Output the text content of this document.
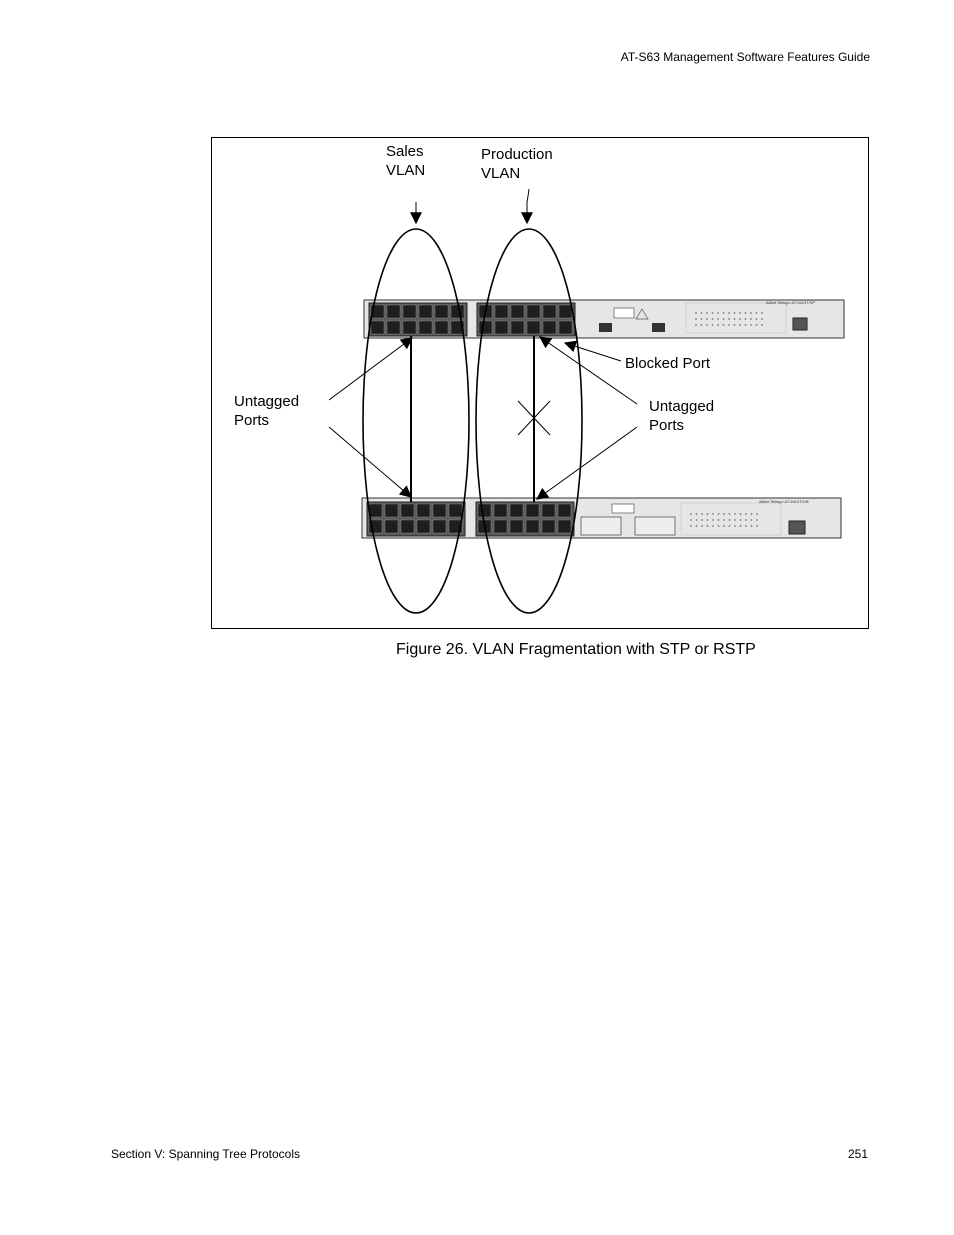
AT-S63 Management Software Features Guide
Allied Telesyn AT-9424T/SP
Allied Telesyn AT-9424T/GB
Sales
VLAN
Production
VLAN
Blocked Port
Untagged
Ports
Untagged
Ports
Figure 26. VLAN Fragmentation with STP or RSTP
Section V: Spanning Tree Protocols	251
